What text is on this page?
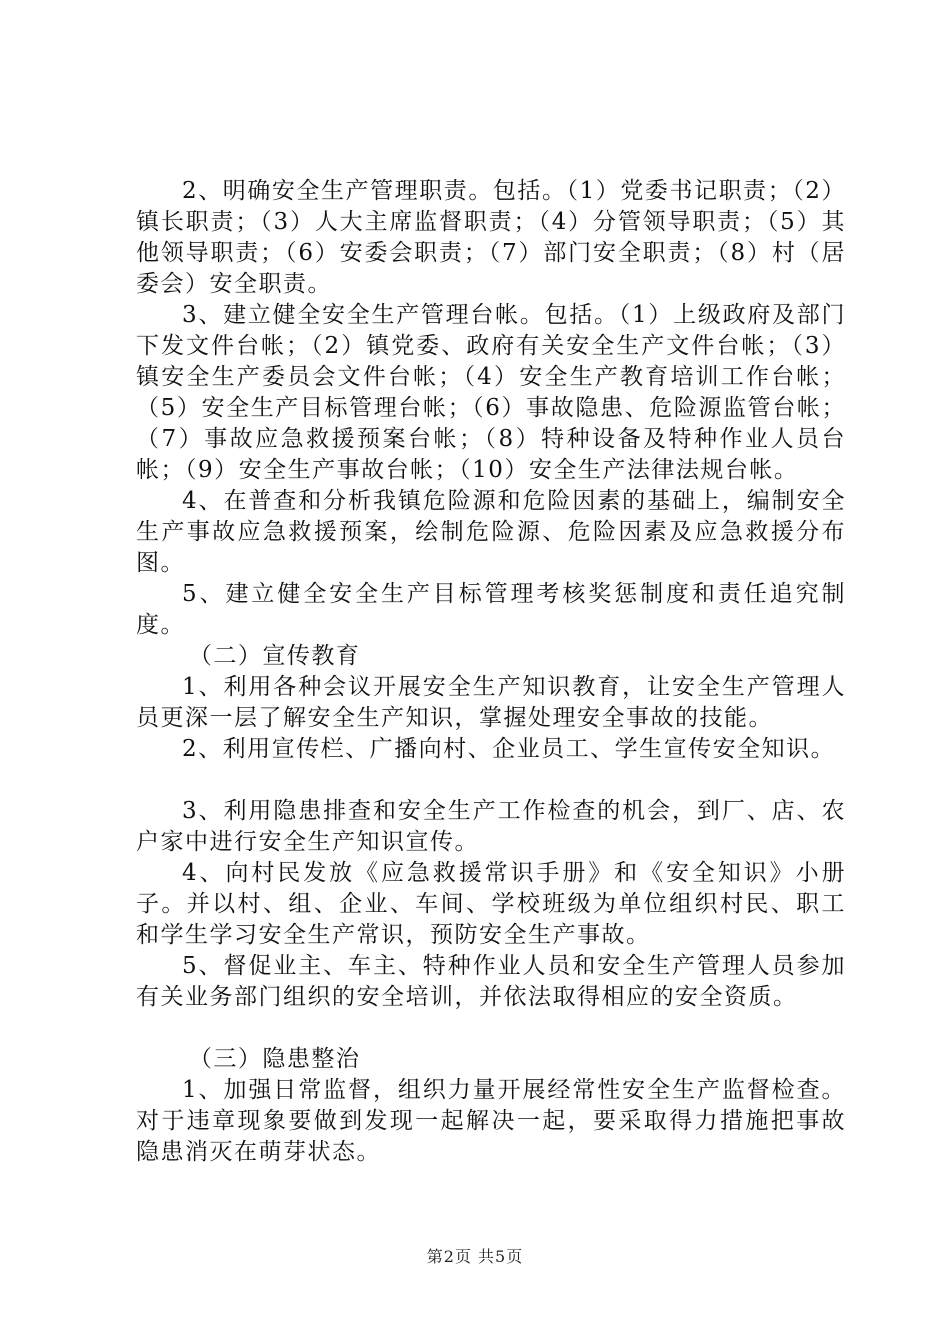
2、明确安全生产管理职责。包括。（1）党委书记职责；（2）镇长职责；（3）人大主席监督职责；（4）分管领导职责；（5）其他领导职责；（6）安委会职责；（7）部门安全职责；（8）村（居委会）安全职责。

3、建立健全安全生产管理台帐。包括。（1）上级政府及部门下发文件台帐；（2）镇党委、政府有关安全生产文件台帐；（3）镇安全生产委员会文件台帐；（4）安全生产教育培训工作台帐；（5）安全生产目标管理台帐；（6）事故隐患、危险源监管台帐；（7）事故应急救援预案台帐；（8）特种设备及特种作业人员台帐；（9）安全生产事故台帐；（10）安全生产法律法规台帐。

4、在普查和分析我镇危险源和危险因素的基础上，编制安全生产事故应急救援预案，绘制危险源、危险因素及应急救援分布图。

5、建立健全安全生产目标管理考核奖惩制度和责任追究制度。

（二）宣传教育

1、利用各种会议开展安全生产知识教育，让安全生产管理人员更深一层了解安全生产知识，掌握处理安全事故的技能。

2、利用宣传栏、广播向村、企业员工、学生宣传安全知识。

3、利用隐患排查和安全生产工作检查的机会，到厂、店、农户家中进行安全生产知识宣传。

4、向村民发放《应急救援常识手册》和《安全知识》小册子。并以村、组、企业、车间、学校班级为单位组织村民、职工和学生学习安全生产常识，预防安全生产事故。

5、督促业主、车主、特种作业人员和安全生产管理人员参加有关业务部门组织的安全培训，并依法取得相应的安全资质。

（三）隐患整治

1、加强日常监督，组织力量开展经常性安全生产监督检查。对于违章现象要做到发现一起解决一起，要采取得力措施把事故隐患消灭在萌芽状态。

第2页 共5页
